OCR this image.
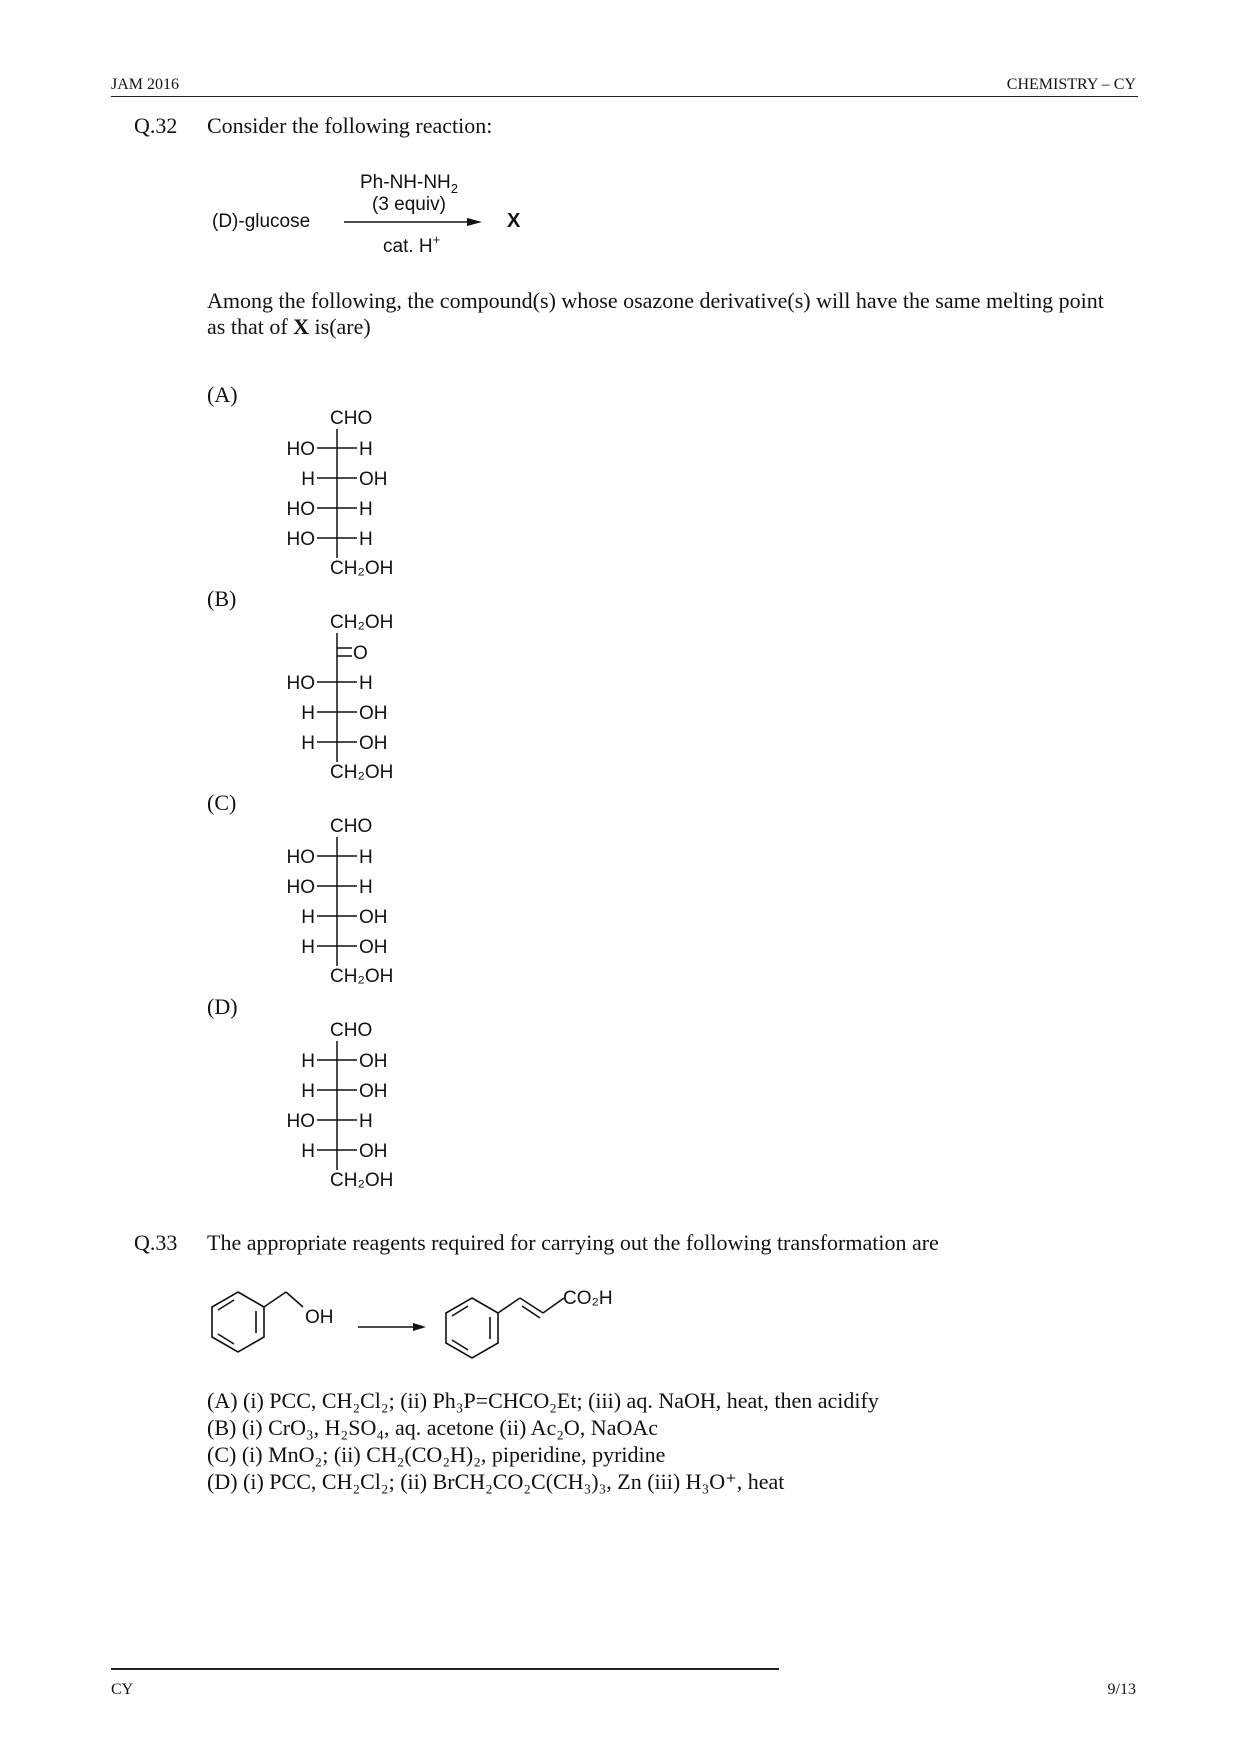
JAM 2016	CHEMISTRY – CY
Q.32 Consider the following reaction:
(D)-glucose
$Ph-NH-NH_2$
(3 equiv)
X
cat. H+
Among the following, the compound(s) whose osazone derivative(s) will have the same melting point as that of X is(are)
(A)
CHO
HO H
H OH
HO H
HO H
CH₂OH
(B)
CH₂OH
O
HO H
H OH
H OH
CH₂OH
(C)
CHO
HO H
HO H
H OH
H OH
CH₂OH
(D)
CHO
H OH
H OH
HO H
H OH
CH₂OH
Q.33 The appropriate reagents required for carrying out the following transformation are
OH
CO₂H
(A) (i) PCC, CH₂Cl₂; (ii) Ph₃P=CHCO₂Et; (iii) aq. NaOH, heat, then acidify
(B) (i) CrO₃, H₂SO₄, aq. acetone (ii) Ac₂O, NaOAc
(C) (i) MnO₂; (ii) CH₂(CO₂H)₂, piperidine, pyridine
(D) (i) PCC, CH₂Cl₂; (ii) BrCH₂CO₂C(CH₃)₃, Zn (iii) H₃O⁺, heat
CY	9/13
